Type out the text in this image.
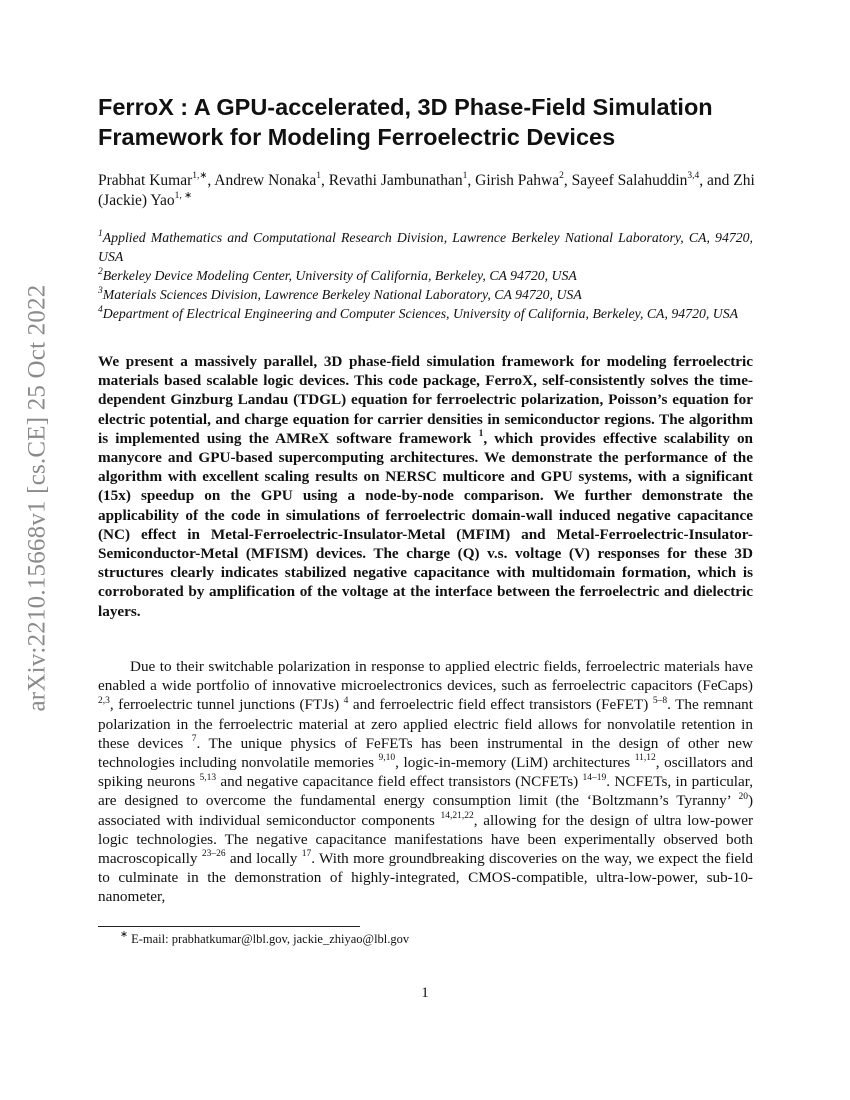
arXiv:2210.15668v1 [cs.CE] 25 Oct 2022
FerroX : A GPU-accelerated, 3D Phase-Field Simulation Framework for Modeling Ferroelectric Devices
Prabhat Kumar$^{1,∗}$, Andrew Nonaka$^1$, Revathi Jambunathan$^1$, Girish Pahwa$^2$, Sayeef Salahuddin$^{3,4}$, and Zhi (Jackie) Yao$^{1, ∗}$
$^1$Applied Mathematics and Computational Research Division, Lawrence Berkeley National Laboratory, CA, 94720, USA
$^2$Berkeley Device Modeling Center, University of California, Berkeley, CA 94720, USA
$^3$Materials Sciences Division, Lawrence Berkeley National Laboratory, CA 94720, USA
$^4$Department of Electrical Engineering and Computer Sciences, University of California, Berkeley, CA, 94720, USA

We present a massively parallel, 3D phase-field simulation framework for modeling ferroelectric materials based scalable logic devices. This code package, FerroX, self-consistently solves the time-dependent Ginzburg Landau (TDGL) equation for ferroelectric polarization, Poisson’s equation for electric potential, and charge equation for carrier densities in semiconductor regions. The algorithm is implemented using the AMReX software framework $^1$, which provides effective scalability on manycore and GPU-based supercomputing architectures. We demonstrate the performance of the algorithm with excellent scaling results on NERSC multicore and GPU systems, with a significant (15x) speedup on the GPU using a node-by-node comparison. We further demonstrate the applicability of the code in simulations of ferroelectric domain-wall induced negative capacitance (NC) effect in Metal-Ferroelectric-Insulator-Metal (MFIM) and Metal-Ferroelectric-Insulator-Semiconductor-Metal (MFISM) devices. The charge (Q) v.s. voltage (V) responses for these 3D structures clearly indicates stabilized negative capacitance with multidomain formation, which is corroborated by amplification of the voltage at the interface between the ferroelectric and dielectric layers.

Due to their switchable polarization in response to applied electric fields, ferroelectric materials have enabled a wide portfolio of innovative microelectronics devices, such as ferroelectric capacitors (FeCaps) $^{2,3}$, ferroelectric tunnel junctions (FTJs) $^4$ and ferroelectric field effect transistors (FeFET) $^{5-8}$. The remnant polarization in the ferroelectric material at zero applied electric field allows for nonvolatile retention in these devices $^7$. The unique physics of FeFETs has been instrumental in the design of other new technologies including nonvolatile memories $^{9,10}$, logic-in-memory (LiM) architectures $^{11,12}$, oscillators and spiking neurons $^{5,13}$ and negative capacitance field effect transistors (NCFETs) $^{14-19}$. NCFETs, in particular, are designed to overcome the fundamental energy consumption limit (the ‘Boltzmann’s Tyranny’ $^{20}$) associated with individual semiconductor components $^{14,21,22}$, allowing for the design of ultra low-power logic technologies. The negative capacitance manifestations have been experimentally observed both macroscopically $^{23-26}$ and locally $^{17}$. With more groundbreaking discoveries on the way, we expect the field to culminate in the demonstration of highly-integrated, CMOS-compatible, ultra-low-power, sub-10-nanometer,

∗ E-mail: prabhatkumar@lbl.gov, jackie_zhiyao@lbl.gov
1
